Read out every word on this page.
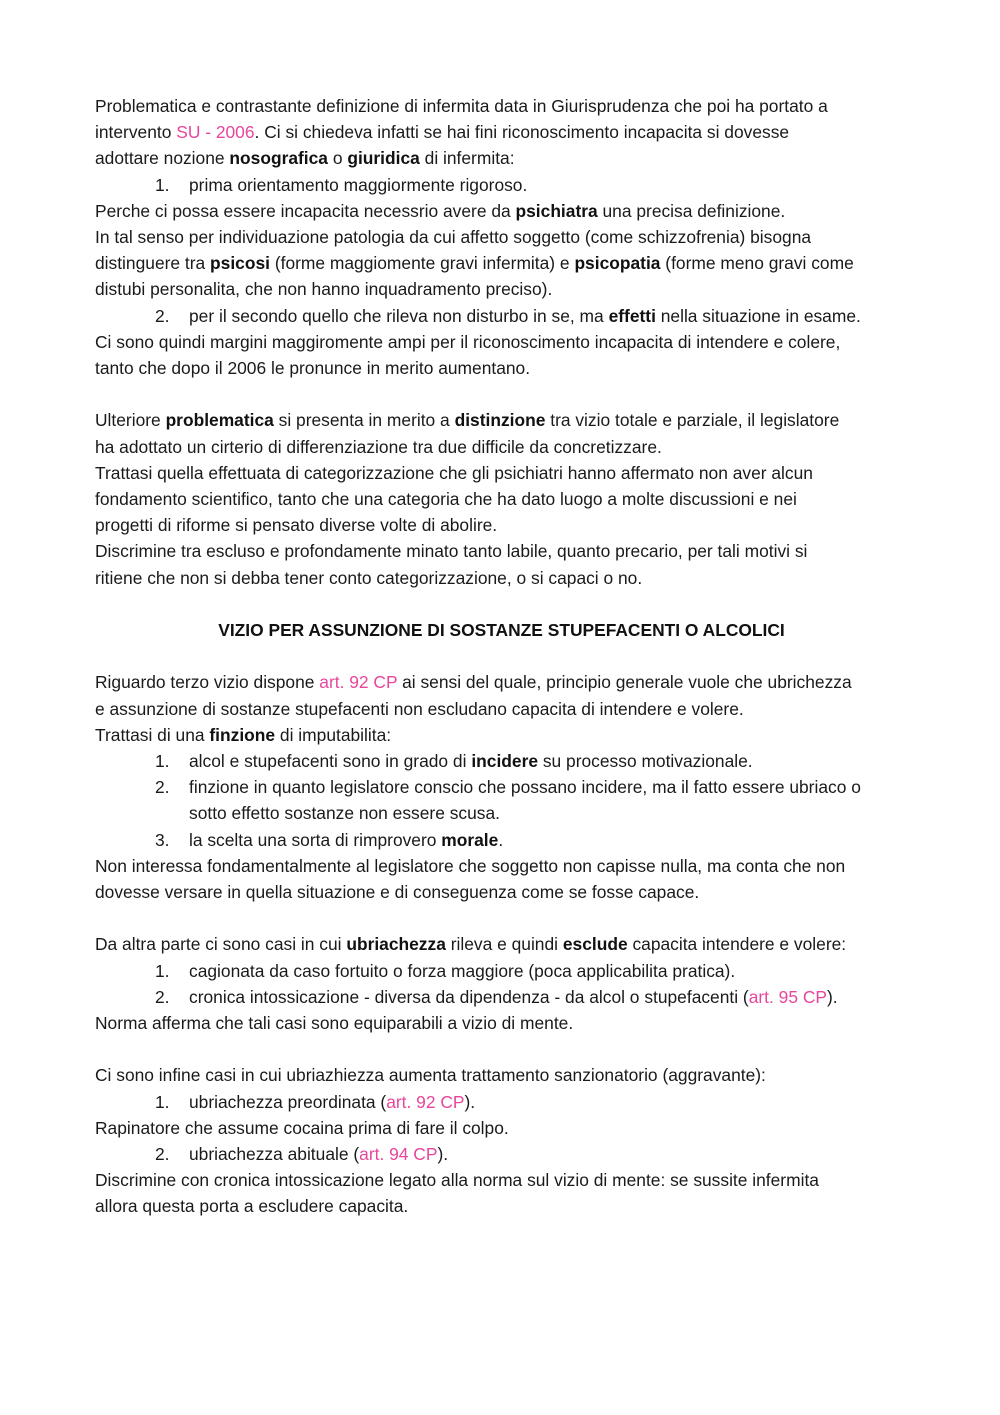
Problematica e contrastante definizione di infermita data in Giurisprudenza che poi ha portato a
intervento SU - 2006. Ci si chiedeva infatti se hai fini riconoscimento incapacita si dovesse
adottare nozione nosografica o giuridica di infermita:
1. prima orientamento maggiormente rigoroso.
Perche ci possa essere incapacita necessrio avere da psichiatra una precisa definizione.
In tal senso per individuazione patologia da cui affetto soggetto (come schizzofrenia) bisogna
distinguere tra psicosi (forme maggiomente gravi infermita) e psicopatia (forme meno gravi come
distubi personalita, che non hanno inquadramento preciso).
2. per il secondo quello che rileva non disturbo in se, ma effetti nella situazione in esame.
Ci sono quindi margini maggiromente ampi per il riconoscimento incapacita di intendere e colere,
tanto che dopo il 2006 le pronunce in merito aumentano.
Ulteriore problematica si presenta in merito a distinzione tra vizio totale e parziale, il legislatore
ha adottato un cirterio di differenziazione tra due difficile da concretizzare.
Trattasi quella effettuata di categorizzazione che gli psichiatri hanno affermato non aver alcun
fondamento scientifico, tanto che una categoria che ha dato luogo a molte discussioni e nei
progetti di riforme si pensato diverse volte di abolire.
Discrimine tra escluso e profondamente minato tanto labile, quanto precario, per tali motivi si
ritiene che non si debba tener conto categorizzazione, o si capaci o no.
VIZIO PER ASSUNZIONE DI SOSTANZE STUPEFACENTI O ALCOLICI
Riguardo terzo vizio dispone art. 92 CP ai sensi del quale, principio generale vuole che ubrichezza
e assunzione di sostanze stupefacenti non escludano capacita di intendere e volere.
Trattasi di una finzione di imputabilita:
1. alcol e stupefacenti sono in grado di incidere su processo motivazionale.
2. finzione in quanto legislatore conscio che possano incidere, ma il fatto essere ubriaco o
sotto effetto sostanze non essere scusa.
3. la scelta una sorta di rimprovero morale.
Non interessa fondamentalmente al legislatore che soggetto non capisse nulla, ma conta che non
dovesse versare in quella situazione e di conseguenza come se fosse capace.
Da altra parte ci sono casi in cui ubriachezza rileva e quindi esclude capacita intendere e volere:
1. cagionata da caso fortuito o forza maggiore (poca applicabilita pratica).
2. cronica intossicazione - diversa da dipendenza - da alcol o stupefacenti (art. 95 CP).
Norma afferma che tali casi sono equiparabili a vizio di mente.
Ci sono infine casi in cui ubriazhiezza aumenta trattamento sanzionatorio (aggravante):
1. ubriachezza preordinata (art. 92 CP).
Rapinatore che assume cocaina prima di fare il colpo.
2. ubriachezza abituale (art. 94 CP).
Discrimine con cronica intossicazione legato alla norma sul vizio di mente: se sussite infermita
allora questa porta a escludere capacita.
